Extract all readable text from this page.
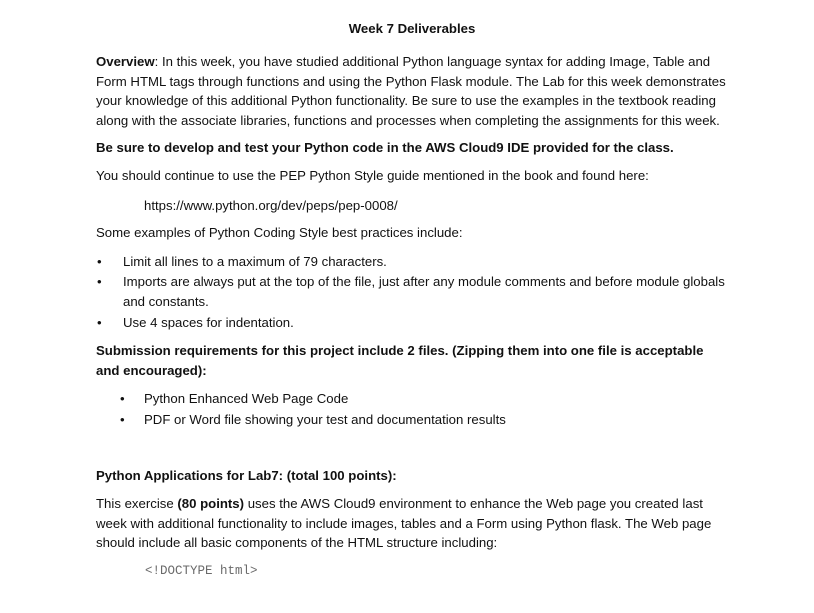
Week 7 Deliverables

Overview: In this week, you have studied additional Python language syntax for adding Image, Table and Form HTML tags through functions and using the Python Flask module. The Lab for this week demonstrates your knowledge of this additional Python functionality. Be sure to use the examples in the textbook reading along with the associate libraries, functions and processes when completing the assignments for this week.

Be sure to develop and test your Python code in the AWS Cloud9 IDE provided for the class.

You should continue to use the PEP Python Style guide mentioned in the book and found here:

https://www.python.org/dev/peps/pep-0008/

Some examples of Python Coding Style best practices include:

• Limit all lines to a maximum of 79 characters.
• Imports are always put at the top of the file, just after any module comments and before module globals and constants.
• Use 4 spaces for indentation.

Submission requirements for this project include 2 files. (Zipping them into one file is acceptable and encouraged):

• Python Enhanced Web Page Code
• PDF or Word file showing your test and documentation results

Python Applications for Lab7: (total 100 points):

This exercise (80 points) uses the AWS Cloud9 environment to enhance the Web page you created last week with additional functionality to include images, tables and a Form using Python flask. The Web page should include all basic components of the HTML structure including:

<!DOCTYPE html>
